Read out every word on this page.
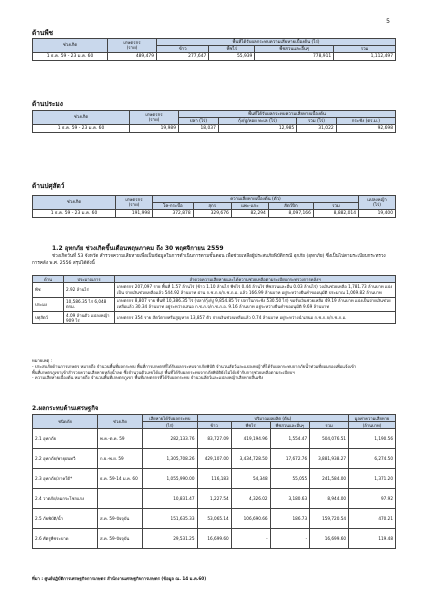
5
ด้านพืช
ช่วงเกิด	เกษตรกร
(ราย)	พื้นที่ได้รับผลกระทบความเสียหายเบื้องต้น (ไร่)			
		ข้าว	พืชไร่	พืชสวนและอื่นๆ	รวม
1 ธ.ค. 59 - 23 ม.ค. 60	489,479	277,647	55,939	778,911	1,112,497
ด้านประมง
ช่วงเกิด	เกษตรกร
(ราย)	พื้นที่ได้รับผลกระทบความเสียหายเบื้องต้น			
		ปลา (ไร่)	กุ้ง/ปู/หอย ทะเล (ไร่)	รวม (ไร่)	กระชัง (ตร.ม.)
1 ธ.ค. 59 - 23 ม.ค. 60	19,989	18,037	12,985	31,022	92,698
ด้านปศุสัตว์
ช่วงเกิด	เกษตรกร
(ราย)	ความเสียหายเบื้องต้น (ตัว)					แปลงหญ้า
(ไร่)
		โค-กระบือ	สุกร	แพะ-แกะ	สัตว์ปีก	รวม	
1 ธ.ค. 59 - 23 ม.ค. 60	191,998	372,878	329,676	82,294	8,097,166	8,882,014	19,400
1.2 อุทกภัย ช่วงเกิดขึ้นเดือนพฤษภาคม ถึง 30 พฤศจิกายน 2559
ช่วงเกิดวันที่ 53 จังหวัด สำรวจความเสียหายเพื่อเป็นข้อมูลในการดำเนินการตามขั้นตอน เพื่อช่วยเหลือผู้ประสบภัยพิบัติกรณี อุกภัย (อุทกภัย) ซึ่งเป็นไปตามระเบียบกระทรวงการคลัง พ.ศ. 2556 สรุปได้ดังนี้
ด้าน	ประมาณการ	ลำดวจความเสียหายและได้ความช่วยเหลือตามระเบียบกระทรวงการคลังฯ
พืช	2.92 ล้านไร่	เกษตรกร 207,097 ราย พื้นที่ 1.57 ล้านไร่ (ข้าว 1.10 ล้านไร่ พืชไร่ 0.44 ล้านไร่ พืชสวนและอื่น 0.03 ล้านไร่) วงเงินช่วยเหลือ 1,781.73 ล้านบาท แบ่งเป็น จ่ายเงินช่วยเหลือแล้ว 544.92 ล้านบาท ผ่าน ก.ช.ภ.จ/ก.ช.ภ.อ. แล้ว 166.99 ล้านบาท อยู่ระหว่างยืนคำขออนุมัติ ประมาณ 1,069.82 ล้านบาท
ประมง	10,586.35 ไร่ 6,048 ตรม.	เกษตรกร 8,807 ราย พื้นที่ 10,386.35 ไร่ (ปลา/กุ้ง/ปู 9,854.85 ไร่ ปลาในกระชัง 530.50 ไร่) ขอรับเงินช่วยเหลือ 49.19 ล้านบาท แบ่งเป็นจ่ายเงินช่วยเหลือแล้ว 30.34 ล้านบาท อยู่ระหว่างเสนอ ก.ช.ภ.จ/ก.ช.ภ.อ. 9.16 ล้านบาท อยู่ระหว่างยืนคำขออนุมัติ 9.69 ล้านบาท
ปศุสัตว์	4.09 ล้านตัว แปลงหญ้า 909 ไร่	เกษตรกร 354 ราย สัตว์ตายหรือสูญหาย 13,857 ตัว จ่ายเงินช่วยเหลือแล้ว 0.74 ล้านบาท อยู่ระหว่างนำเสนอ ก.ช.ภ.จ/ก.ช.ภ.อ.
หมายเหตุ :
- ประสบภัยด้านการเกษตร หมายถึง จำนวนพื้นที่ผลกระทบ พื้นที่การเกษตรที่ได้รับผลกระทบจากภัยพิบัติ จำนวนสัตว์และแปลงหญ้าที่ได้รับผลกระทบจากภัยน้ำท่วมที่ยอมรองเพื่อแจ้งเข้า
พื้นที่เกษตรภูเขาเข้าสำรวจความเสียหายหลังน้ำลด ซึ่งจำนวนตัวเลขได้แก่ พื้นที่ได้รับผลกระทบจากภัยพิบัติยังไม่ได้เข้ารับการช่วยเหลือตามระเบียบฯ
- ความเสียหายเบื้องต้น หมายถึง จำนวนพื้นที่เกษตรภูเขา พื้นที่เกษตรกรที่ได้รับผลกระทบ จำนวนสัตว์และแปลงหญ้าเสียหายสิ้นเชิง
2.ผลกระทบด้านเศรษฐกิจ
ชนิดภัย	ช่วงเกิด	เสียหายได้รับผลกระทบ	ปริมาณผลผลิต (ตัน)				มูลค่าความเสียหาย
		(ไร่)	ข้าว	พืชไร่	พืชสวนและอื่นๆ	รวม	(ล้านบาท)
2.1 อุทกภัย	พ.ค.-ต.ค. 59	282,133.76	83,727.09	419,194.96	1,554.47	504,076.51	1,190.56
2.2 อุทกภัย/พายุฝนทวี	ก.ย.-พ.ย. 59	1,305,708.26	429,107.00	3,434,728.50	17,672.76	3,881,938.27	6,274.50
2.3 อุทกภัย/ภาคใต้*	ธ.ค. 59-14 ม.ค. 60	1,055,990.00	116,183	54,348	55,055	241,584.00	1,371.20
2.4 วาตภัย/ลมกระโชกแรง		10,831.47	1,227.54	4,326.02	3,180.63	8,944.00	97.92
2.5 ภัยพิบัติ/น้ำ	ส.ค. 59-ปัจจุบัน	151,635.33	53,065.14	106,690.66	186.73	159,720.54	470.21
2.6 ศัตรูพืชระบาด	ส.ค. 59-ปัจจุบัน	29,531.25	16,699.60	-	-	16,699.60	119.48
ที่มา : ศูนย์ปฏิบัติการเศรษฐกิจการเกษตร สำนักงานเศรษฐกิจการเกษตร (ข้อมูล ณ. 14 ม.ค.60)
